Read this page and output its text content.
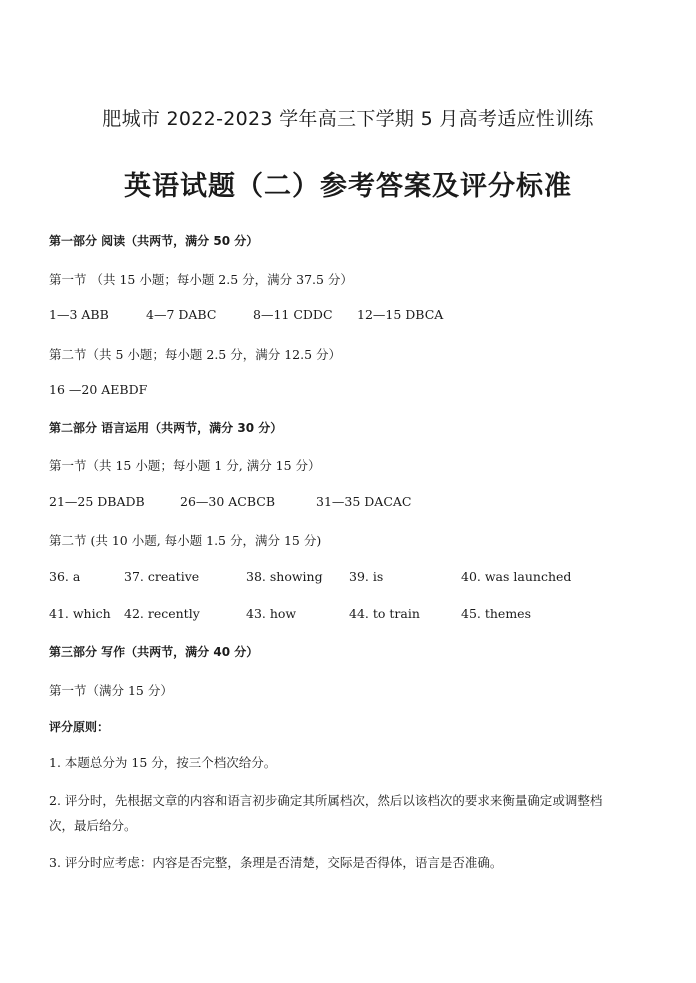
肥城市 2022-2023 学年高三下学期 5 月高考适应性训练
英语试题（二）参考答案及评分标准
第一部分 阅读（共两节，满分 50 分）
第一节 （共 15 小题；每小题 2.5 分，满分 37.5 分）
1—3 ABB	4—7 DABC	8—11 CDDC 12—15 DBCA
第二节（共 5 小题；每小题 2.5 分，满分 12.5 分）
16 —20 AEBDF
第二部分 语言运用（共两节，满分 30 分）
第一节（共 15 小题；每小题 1 分, 满分 15 分）
21—25 DBADB	26—30 ACBCB	31—35 DACAC
第二节 (共 10 小题, 每小题 1.5 分，满分 15 分)
36. a	37. creative	38. showing 39. is	40. was launched
41. which 42. recently	43. how	44. to train	45. themes
第三部分 写作（共两节，满分 40 分）
第一节（满分 15 分）
评分原则：
1. 本题总分为 15 分，按三个档次给分。
2. 评分时，先根据文章的内容和语言初步确定其所属档次，然后以该档次的要求来衡量确定或调整档次，最后给分。
3. 评分时应考虑：内容是否完整，条理是否清楚，交际是否得体，语言是否准确。
